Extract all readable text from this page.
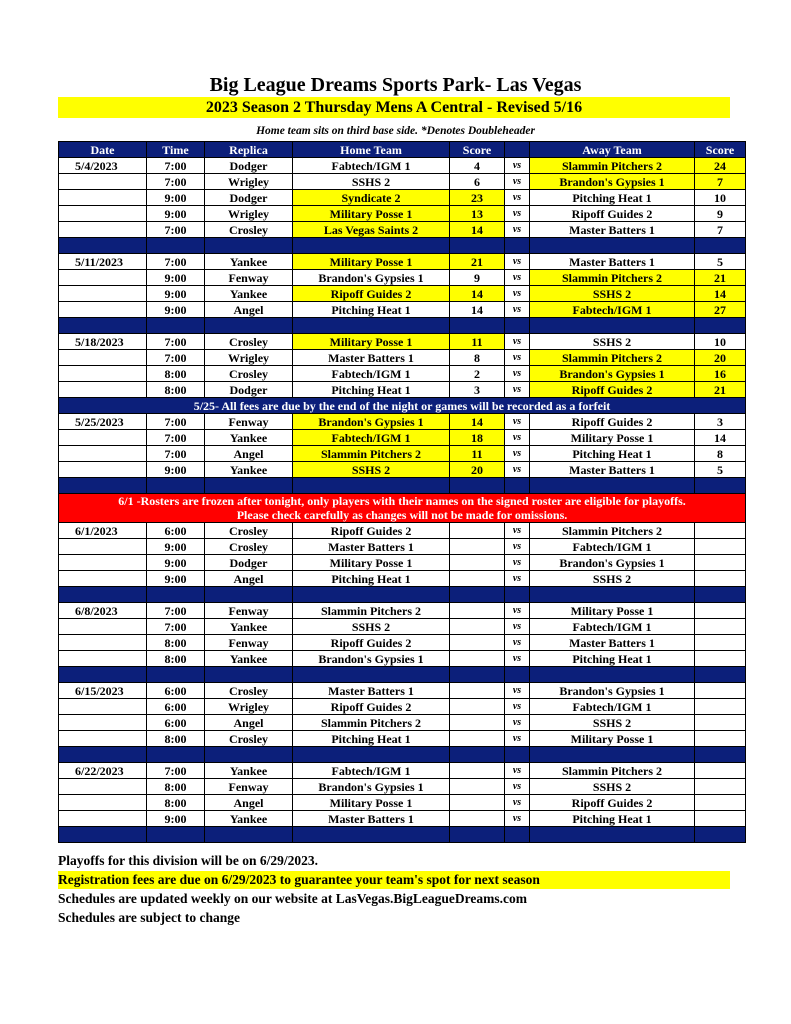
Big League Dreams Sports Park- Las Vegas
2023 Season 2 Thursday Mens A Central - Revised 5/16
Home team sits on third base side. *Denotes Doubleheader
Date	Time	Replica	Home Team	Score		Away Team	Score
5/4/2023	7:00	Dodger	Fabtech/IGM 1	4	vs	Slammin Pitchers 2	24
	7:00	Wrigley	SSHS 2	6	vs	Brandon's Gypsies 1	7
	9:00	Dodger	Syndicate 2	23	vs	Pitching Heat 1	10
	9:00	Wrigley	Military Posse 1	13	vs	Ripoff Guides 2	9
	7:00	Crosley	Las Vegas Saints 2	14	vs	Master Batters 1	7

5/11/2023	7:00	Yankee	Military Posse 1	21	vs	Master Batters 1	5
	9:00	Fenway	Brandon's Gypsies 1	9	vs	Slammin Pitchers 2	21
	9:00	Yankee	Ripoff Guides 2	14	vs	SSHS 2	14
	9:00	Angel	Pitching Heat 1	14	vs	Fabtech/IGM 1	27

5/18/2023	7:00	Crosley	Military Posse 1	11	vs	SSHS 2	10
	7:00	Wrigley	Master Batters 1	8	vs	Slammin Pitchers 2	20
	8:00	Crosley	Fabtech/IGM 1	2	vs	Brandon's Gypsies 1	16
	8:00	Dodger	Pitching Heat 1	3	vs	Ripoff Guides 2	21
5/25- All fees are due by the end of the night or games will be recorded as a forfeit							
5/25/2023	7:00	Fenway	Brandon's Gypsies 1	14	vs	Ripoff Guides 2	3
	7:00	Yankee	Fabtech/IGM 1	18	vs	Military Posse 1	14
	7:00	Angel	Slammin Pitchers 2	11	vs	Pitching Heat 1	8
	9:00	Yankee	SSHS 2	20	vs	Master Batters 1	5

6/1 -Rosters are frozen after tonight, only players with their names on the signed roster are eligible for playoffs.
Please check carefully as changes will not be made for omissions.							

6/1/2023	6:00	Crosley	Ripoff Guides 2		vs	Slammin Pitchers 2	
	9:00	Crosley	Master Batters 1		vs	Fabtech/IGM 1	
	9:00	Dodger	Military Posse 1		vs	Brandon's Gypsies 1	
	9:00	Angel	Pitching Heat 1		vs	SSHS 2	

6/8/2023	7:00	Fenway	Slammin Pitchers 2		vs	Military Posse 1	
	7:00	Yankee	SSHS 2		vs	Fabtech/IGM 1	
	8:00	Fenway	Ripoff Guides 2		vs	Master Batters 1	
	8:00	Yankee	Brandon's Gypsies 1		vs	Pitching Heat 1	

6/15/2023	6:00	Crosley	Master Batters 1		vs	Brandon's Gypsies 1	
	6:00	Wrigley	Ripoff Guides 2		vs	Fabtech/IGM 1	
	6:00	Angel	Slammin Pitchers 2		vs	SSHS 2	
	8:00	Crosley	Pitching Heat 1		vs	Military Posse 1	

6/22/2023	7:00	Yankee	Fabtech/IGM 1		vs	Slammin Pitchers 2	
	8:00	Fenway	Brandon's Gypsies 1		vs	SSHS 2	
	8:00	Angel	Military Posse 1		vs	Ripoff Guides 2	
	9:00	Yankee	Master Batters 1		vs	Pitching Heat 1	

Playoffs for this division will be on 6/29/2023.
Registration fees are due on 6/29/2023 to guarantee your team's spot for next season
Schedules are updated weekly on our website at LasVegas.BigLeagueDreams.com
Schedules are subject to change
